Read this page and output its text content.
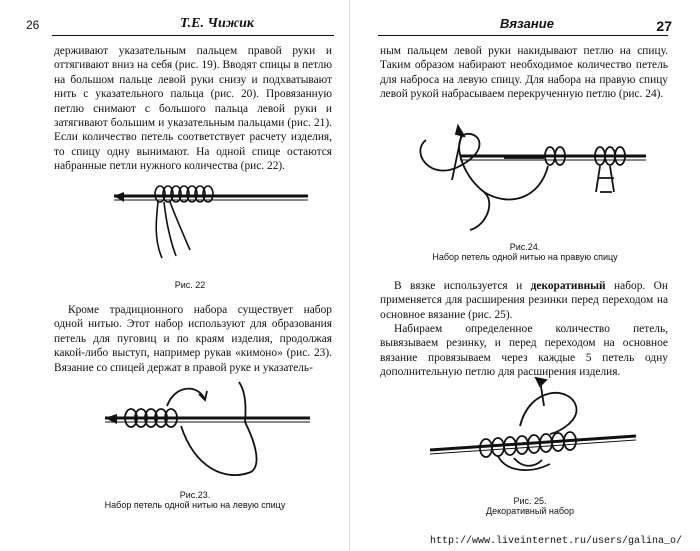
26	Т.Е. Чижик

держивают указательным пальцем правой руки и оттягивают вниз на себя (рис. 19). Вводят спицы в петлю на большом пальце левой руки снизу и подхватывают нить с указательного пальца (рис. 20). Провязанную петлю снимают с большого пальца левой руки и затягивают большим и указательным пальцами (рис. 21). Если количество петель соответствует расчету изделия, то спицу одну вынимают. На одной спице остаются набранные петли нужного количества (рис. 22).

Рис. 22

Кроме традиционного набора существует набор одной нитью. Этот набор используют для образования петель для пуговиц и по краям изделия, продолжая какой-либо выступ, например рукав «кимоно» (рис. 23). Вязание со спицей держат в правой руке и указатель-

Рис.23.
Набор петель одной нитью на левую спицу
Вязание	27

ным пальцем левой руки накидывают петлю на спицу. Таким образом набирают необходимое количество петель для наброса на левую спицу. Для набора на правую спицу левой рукой набрасываем перекрученную петлю (рис. 24).

Рис.24.
Набор петель одной нитью на правую спицу

В вязке используется и декоративный набор. Он применяется для расширения резинки перед переходом на основное вязание (рис. 25).

Набираем определенное количество петель, вывязываем резинку, и перед переходом на основное вязание провязываем через каждые 5 петель одну дополнительную петлю для расширения изделия.

Рис. 25.
Декоративный набор
http://www.liveinternet.ru/users/galina_o/
